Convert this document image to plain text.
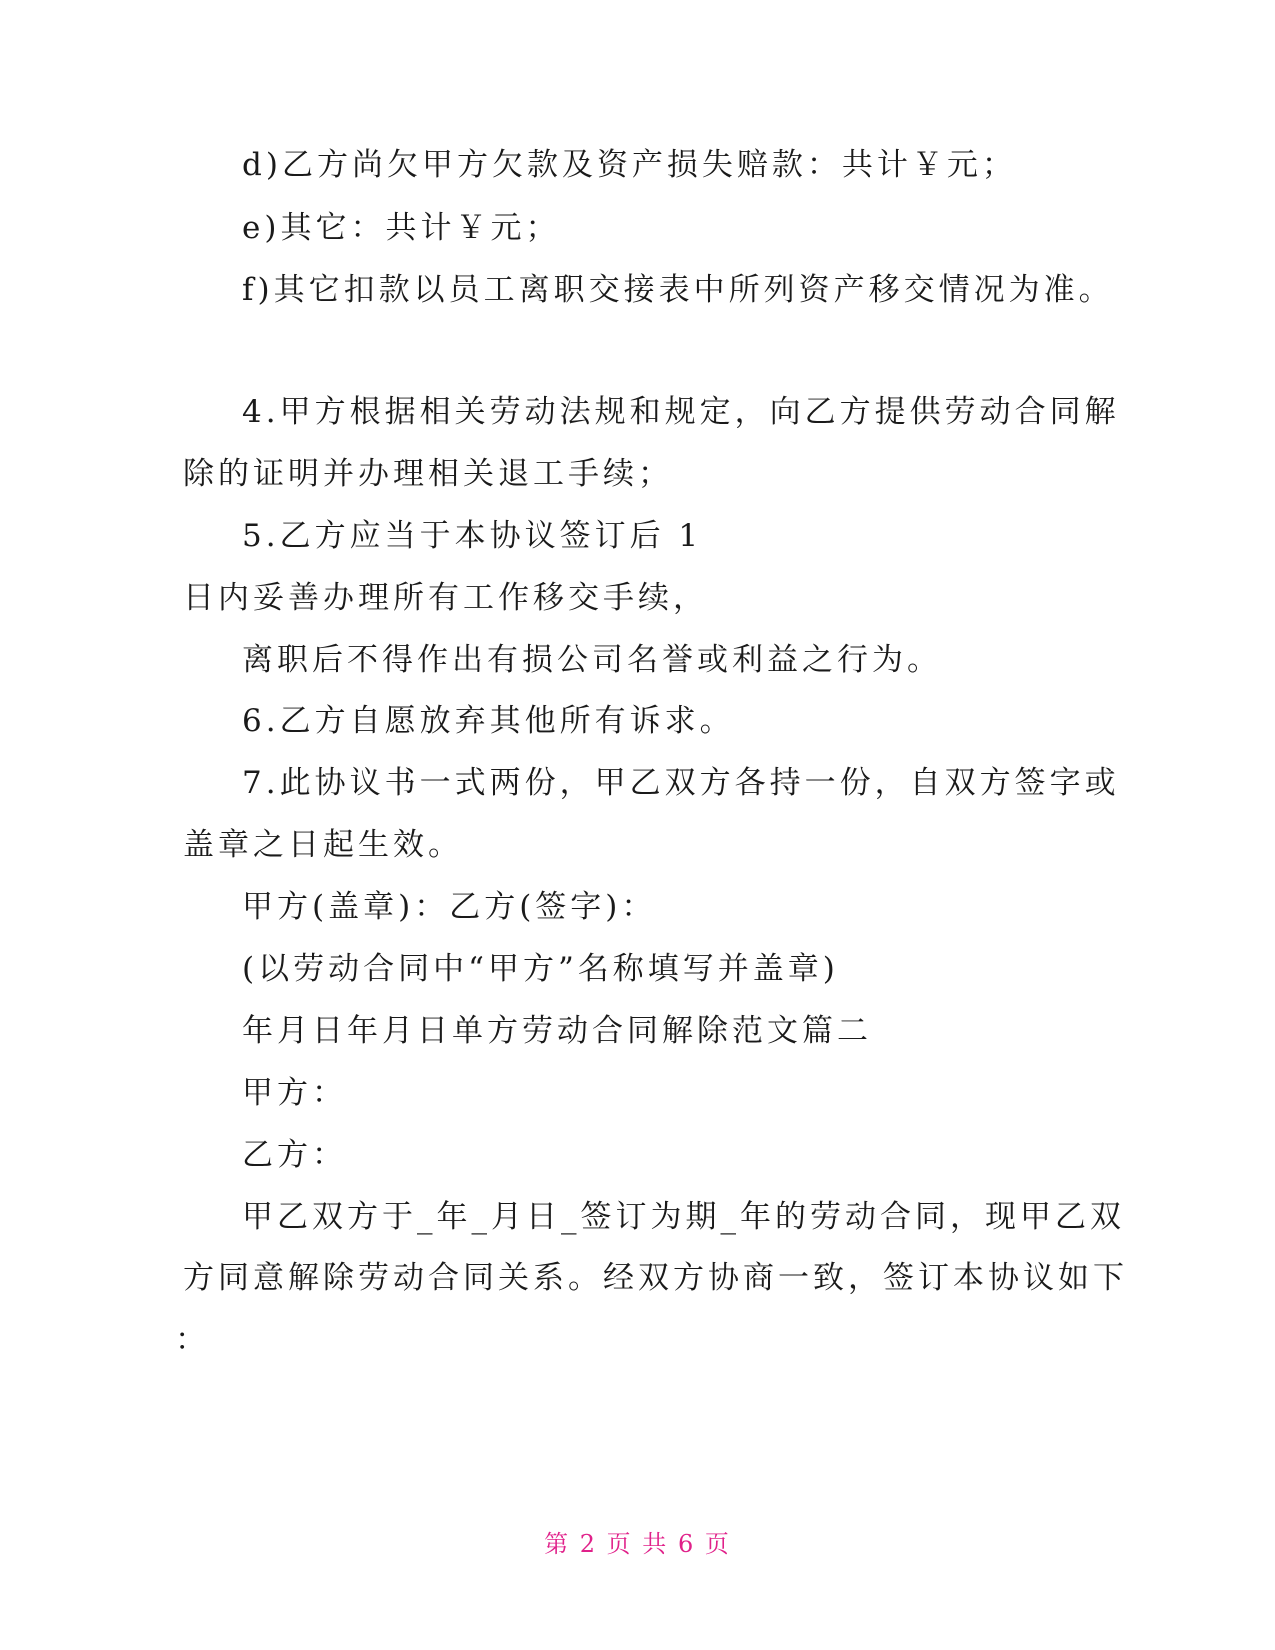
d)乙方尚欠甲方欠款及资产损失赔款：共计￥元；
e)其它：共计￥元；
f)其它扣款以员工离职交接表中所列资产移交情况为准。
4.甲方根据相关劳动法规和规定，向乙方提供劳动合同解
除的证明并办理相关退工手续；
5.乙方应当于本协议签订后 1
日内妥善办理所有工作移交手续，
离职后不得作出有损公司名誉或利益之行为。
6.乙方自愿放弃其他所有诉求。
7.此协议书一式两份，甲乙双方各持一份，自双方签字或
盖章之日起生效。
甲方(盖章)：乙方(签字)：
(以劳动合同中“甲方”名称填写并盖章)
年月日年月日单方劳动合同解除范文篇二
甲方：
乙方：
甲乙双方于_年_月日_签订为期_年的劳动合同，现甲乙双
方同意解除劳动合同关系。经双方协商一致，签订本协议如下
：
第 2 页 共 6 页
